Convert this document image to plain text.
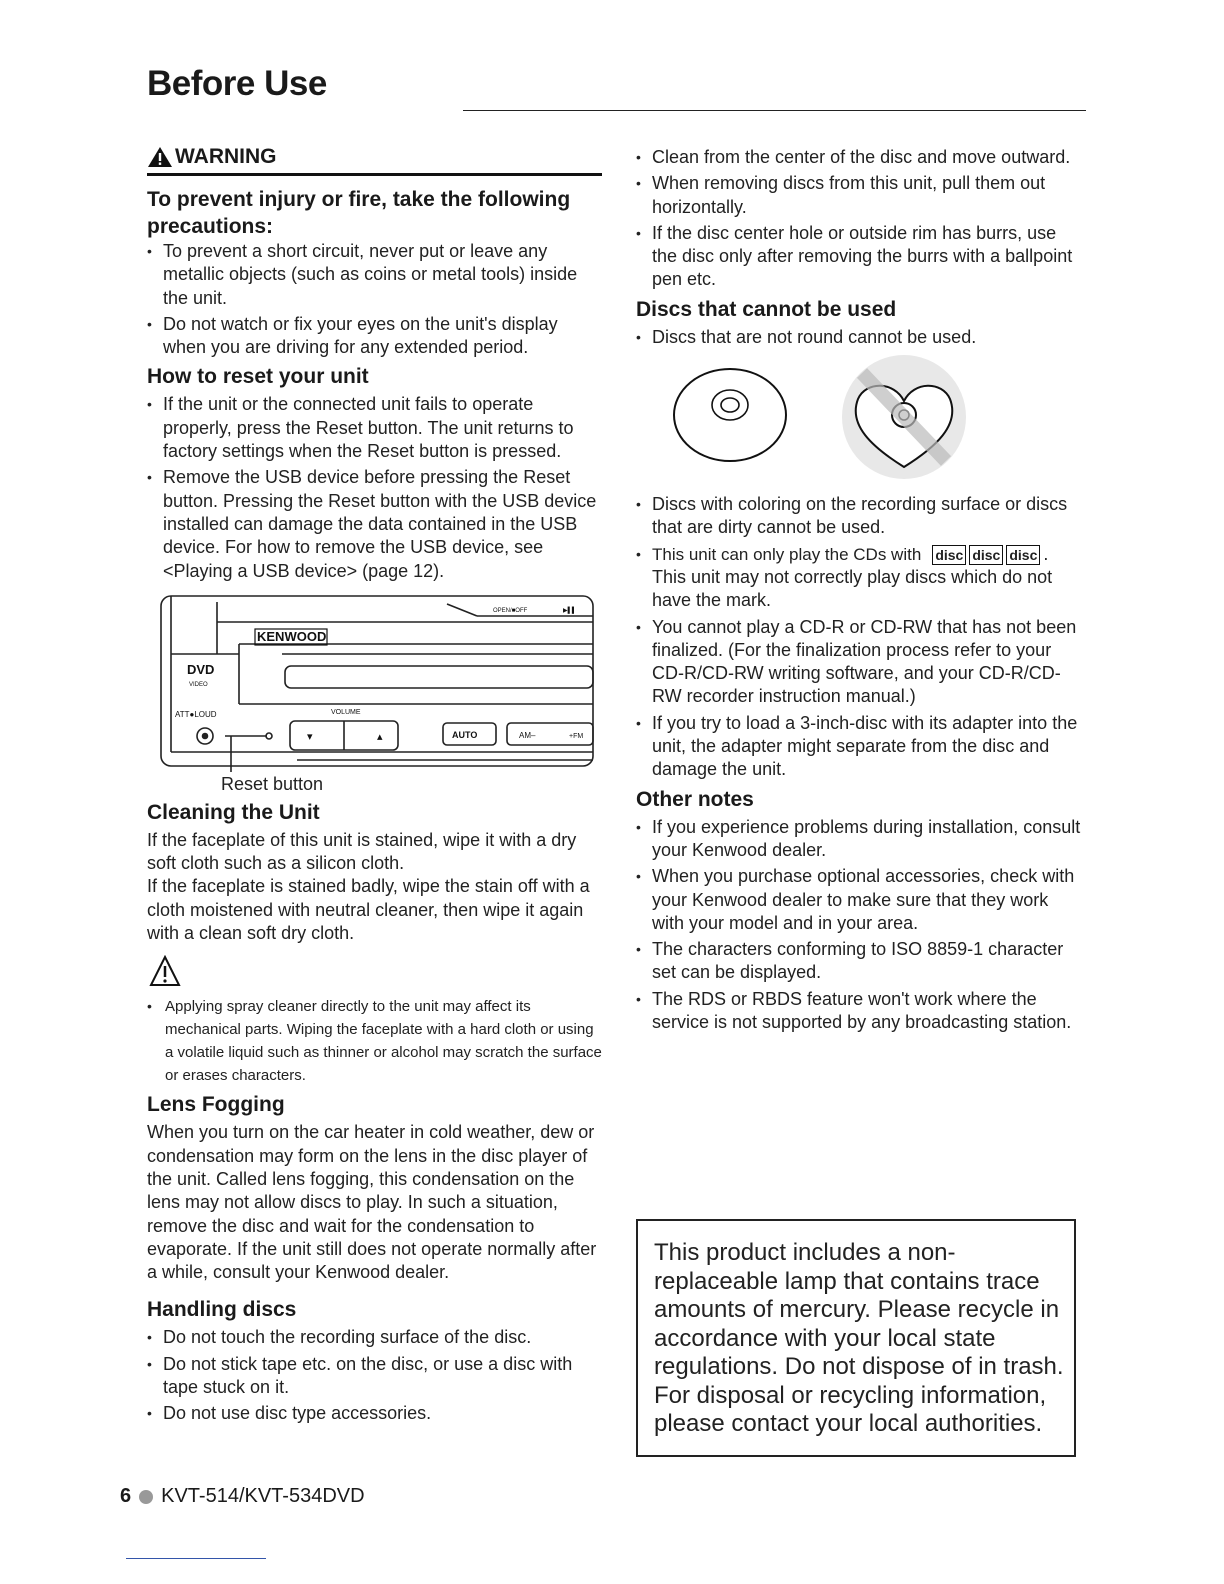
Before Use
WARNING
To prevent injury or fire, take the following precautions:
• To prevent a short circuit, never put or leave any metallic objects (such as coins or metal tools) inside the unit.
• Do not watch or fix your eyes on the unit's display when you are driving for any extended period.
How to reset your unit
• If the unit or the connected unit fails to operate properly, press the Reset button. The unit returns to factory settings when the Reset button is pressed.
• Remove the USB device before pressing the Reset button. Pressing the Reset button with the USB device installed can damage the data contained in the USB device. For how to remove the USB device, see <Playing a USB device> (page 12).
KENWOOD
DVD
VIDEO
ATT●LOUD	VOLUME
▾	▴	AUTO	AM–	+FM
OPEN/■OFF	▶▌▌
Reset button
Cleaning the Unit

If the faceplate of this unit is stained, wipe it with a dry soft cloth such as a silicon cloth.

If the faceplate is stained badly, wipe the stain off with a cloth moistened with neutral cleaner, then wipe it again with a clean soft dry cloth.

• Applying spray cleaner directly to the unit may affect its mechanical parts. Wiping the faceplate with a hard cloth or using a volatile liquid such as thinner or alcohol may scratch the surface or erases characters.
Lens Fogging

When you turn on the car heater in cold weather, dew or condensation may form on the lens in the disc player of the unit. Called lens fogging, this condensation on the lens may not allow discs to play. In such a situation, remove the disc and wait for the condensation to evaporate. If the unit still does not operate normally after a while, consult your Kenwood dealer.

Handling discs
• Do not touch the recording surface of the disc.
• Do not stick tape etc. on the disc, or use a disc with tape stuck on it.
• Do not use disc type accessories.
• Clean from the center of the disc and move outward.
• When removing discs from this unit, pull them out horizontally.
• If the disc center hole or outside rim has burrs, use the disc only after removing the burrs with a ballpoint pen etc.
Discs that cannot be used
• Discs that are not round cannot be used.
• Discs with coloring on the recording surface or discs that are dirty cannot be used.
• This unit can only play the CDs with disc disc disc .
This unit may not correctly play discs which do not have the mark.
• You cannot play a CD-R or CD-RW that has not been finalized. (For the finalization process refer to your CD-R/CD-RW writing software, and your CD-R/CD-RW recorder instruction manual.)
• If you try to load a 3-inch-disc with its adapter into the unit, the adapter might separate from the disc and damage the unit.
Other notes
• If you experience problems during installation, consult your Kenwood dealer.
• When you purchase optional accessories, check with your Kenwood dealer to make sure that they work with your model and in your area.
• The characters conforming to ISO 8859-1 character set can be displayed.
• The RDS or RBDS feature won't work where the service is not supported by any broadcasting station.
This product includes a non-replaceable lamp that contains trace amounts of mercury. Please recycle in accordance with your local state regulations. Do not dispose of in trash.
For disposal or recycling information, please contact your local authorities.
6 KVT-514/KVT-534DVD
